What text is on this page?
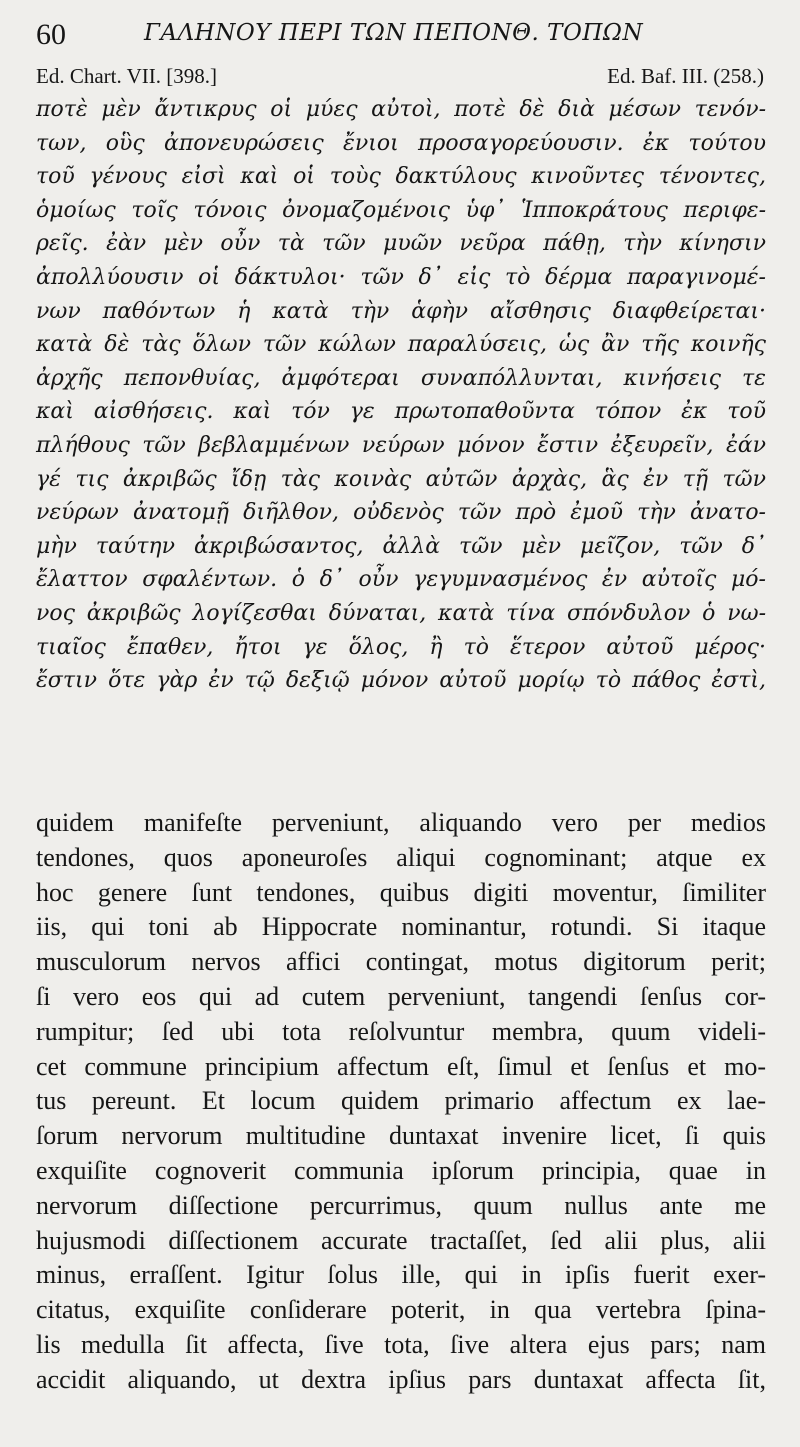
60	ΓΑΛΗΝΟΥ ΠΕΡΙ ΤΩΝ ΠΕΠΟΝΘ. ΤΟΠΩΝ
Ed. Chart. VII. [398.]	Ed. Baf. III. (258.)
ποτὲ μὲν ἄντικρυς οἱ μύες αὐτοὶ, ποτὲ δὲ διὰ μέσων τενόν-
των, οὓς ἀπονευρώσεις ἔνιοι προσαγορεύουσιν. ἐκ τούτου
τοῦ γένους εἰσὶ καὶ οἱ τοὺς δακτύλους κινοῦντες τένοντες,
ὁμοίως τοῖς τόνοις ὀνομαζομένοις ὑφ᾽ Ἱπποκράτους περιφε-
ρεῖς. ἐὰν μὲν οὖν τὰ τῶν μυῶν νεῦρα πάθῃ, τὴν κίνησιν
ἀπολλύουσιν οἱ δάκτυλοι· τῶν δ᾽ εἰς τὸ δέρμα παραγινομέ-
νων παθόντων ἡ κατὰ τὴν ἁφὴν αἴσθησις διαφθείρεται·
κατὰ δὲ τὰς ὅλων τῶν κώλων παραλύσεις, ὡς ἂν τῆς κοινῆς
ἀρχῆς πεπονθυίας, ἀμφότεραι συναπόλλυνται, κινήσεις τε
καὶ αἰσθήσεις. καὶ τόν γε πρωτοπαθοῦντα τόπον ἐκ τοῦ
πλήθους τῶν βεβλαμμένων νεύρων μόνον ἔστιν ἐξευρεῖν, ἐάν
γέ τις ἀκριβῶς ἴδῃ τὰς κοινὰς αὐτῶν ἀρχὰς, ἃς ἐν τῇ τῶν
νεύρων ἀνατομῇ διῆλθον, οὐδενὸς τῶν πρὸ ἐμοῦ τὴν ἀνατο-
μὴν ταύτην ἀκριβώσαντος, ἀλλὰ τῶν μὲν μεῖζον, τῶν δ᾽
ἔλαττον σφαλέντων. ὁ δ᾽ οὖν γεγυμνασμένος ἐν αὐτοῖς μό-
νος ἀκριβῶς λογίζεσθαι δύναται, κατὰ τίνα σπόνδυλον ὁ νω-
τιαῖος ἔπαθεν, ἤτοι γε ὅλος, ἢ τὸ ἕτερον αὐτοῦ μέρος·
ἔστιν ὅτε γὰρ ἐν τῷ δεξιῷ μόνον αὐτοῦ μορίῳ τὸ πάθος ἐστὶ,
quidem manifeſte perveniunt, aliquando vero per medios
tendones, quos aponeuroſes aliqui cognominant; atque ex
hoc genere ſunt tendones, quibus digiti moventur, ſimiliter
iis, qui toni ab Hippocrate nominantur, rotundi. Si itaque
musculorum nervos affici contingat, motus digitorum perit;
ſi vero eos qui ad cutem perveniunt, tangendi ſenſus cor-
rumpitur; ſed ubi tota reſolvuntur membra, quum videli-
cet commune principium affectum eſt, ſimul et ſenſus et mo-
tus pereunt. Et locum quidem primario affectum ex lae-
ſorum nervorum multitudine duntaxat invenire licet, ſi quis
exquiſite cognoverit communia ipſorum principia, quae in
nervorum diſſectione percurrimus, quum nullus ante me
hujusmodi diſſectionem accurate tractaſſet, ſed alii plus, alii
minus, erraſſent. Igitur ſolus ille, qui in ipſis fuerit exer-
citatus, exquiſite conſiderare poterit, in qua vertebra ſpina-
lis medulla ſit affecta, ſive tota, ſive altera ejus pars; nam
accidit aliquando, ut dextra ipſius pars duntaxat affecta ſit,
